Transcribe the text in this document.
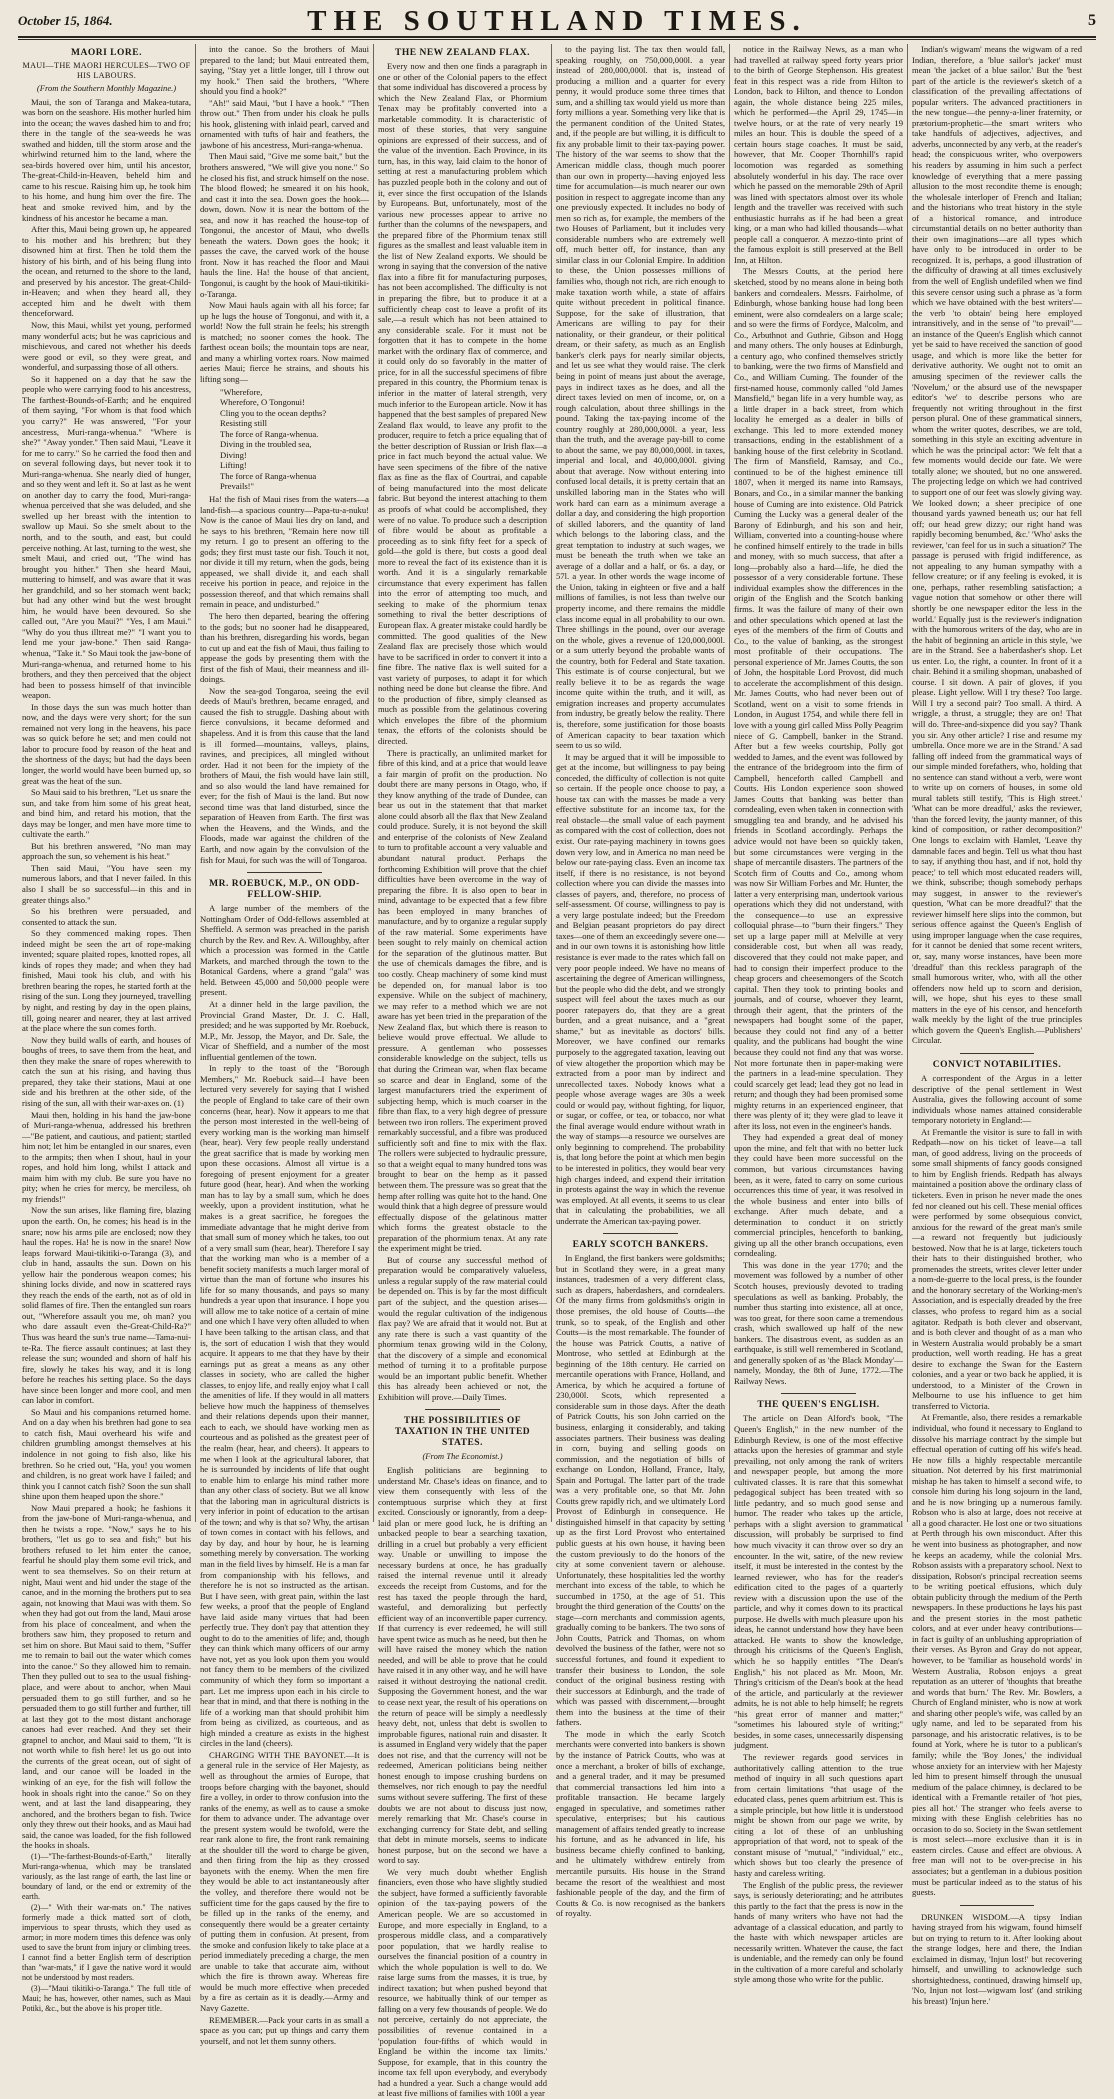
October 15, 1864.	THE SOUTHLAND TIMES.	5
MAORI LORE.
MAUI—THE MAORI HERCULES—TWO OF HIS LABOURS.
(From the Southern Monthly Magazine.)

Maui, the son of Taranga and Makea-tutara, was born on the seashore. His mother hurled him into the ocean; the waves dashed him to and fro; there in the tangle of the sea-weeds he was swathed and hidden, till the storm arose and the whirlwind returned him to the land, where the sea-birds hovered over him, until his ancestor, The-great-Child-in-Heaven, beheld him and came to his rescue. Raising him up, he took him to his home, and hung him over the fire. The heat and smoke revived him, and by the kindness of his ancestor he became a man.

After this, Maui being grown up, he appeared to his mother and his brethren; but they disowned him at first. Then he told them the history of his birth, and of his being flung into the ocean, and returned to the shore to the land, and preserved by his ancestor. The great-Child-in-Heaven; and when they heard all, they accepted him and he dwelt with them thenceforward.

Now, this Maui, whilst yet young, performed many wonderful acts; but he was capricious and mischievous, and cared not whether his deeds were good or evil, so they were great, and wonderful, and surpassing those of all others.

So it happened on a day that he saw the people who were carrying food to his ancestress, The farthest-Bounds-of-Earth; and he enquired of them saying, "For whom is that food which you carry?" He was answered, "For your ancestress, Muri-ranga-whenua." "Where is she?" "Away yonder." Then said Maui, "Leave it for me to carry." So he carried the food then and on several following days, but never took it to Muri-ranga-whenua. She nearly died of hunger, and so they went and left it. So at last as he went on another day to carry the food, Muri-ranga-whenua perceived that she was deluded, and she swelled up her breast with the intention to swallow up Maui. So she smelt about to the north, and to the south, and east, but could perceive nothing. At last, turning to the west, she smelt Maui, and cried out, "The wind has brought you hither." Then she heard Maui, muttering to himself, and was aware that it was her grandchild, and so her stomach went back; but had any other wind but the west brought him, he would have been devoured. So she called out, "Are you Maui?" "Yes, I am Maui." "Why do you thus illtreat me?" "I want you to lend me your jaw-bone." Then said Ranga-whenua, "Take it." So Maui took the jaw-bone of Muri-ranga-whenua, and returned home to his brothers, and they then perceived that the object had been to possess himself of that invincible weapon.

In those days the sun was much hotter than now, and the days were very short; for the sun remained not very long in the heavens, his pace was so quick before he set; and men could not labor to procure food by reason of the heat and the shortness of the days; but had the days been longer, the world would have been burned up, so great was the heat of the sun.

So Maui said to his brethren, "Let us snare the sun, and take from him some of his great heat, and bind him, and retard his motion, that the days may be longer, and men have more time to cultivate the earth."

But his brethren answered, "No man may approach the sun, so vehement is his heat."

Then said Maui, "You have seen my numerous labors, and that I never failed. In this also I shall be so successful—in this and in greater things also."

So his brethren were persuaded, and consented to attack the sun.

So they commenced making ropes. Then indeed might be seen the art of rope-making invented; square plaited ropes, knotted ropes, all kinds of ropes they made; and when they had finished, Maui took his club, and with his brethren bearing the ropes, he started forth at the rising of the sun. Long they journeyed, travelling by night, and resting by day in the open plains, till, going nearer and nearer, they at last arrived at the place where the sun comes forth.

Now they build walls of earth, and houses of boughs of trees, to save them from the heat, and then they make the snare of ropes wherewith to catch the sun at his rising, and having thus prepared, they take their stations, Maui at one side and his brethren at the other side, of the rising of the sun, all with their war-axes on. (1)

Maui then, holding in his hand the jaw-bone of Muri-ranga-whenua, addressed his brethren—"Be patient, and cautious, and patient; startled him not; let him be entangled in our snares, even to the armpits; then when I shout, haul in your ropes, and hold him long, whilst I attack and maim him with my club. Be sure you have no pity; when he cries for mercy, be merciless, oh my friends!"

Now the sun arises, like flaming fire, blazing upon the earth. On, he comes; his head is in the snare; now his arms pile are enclosed; now they haul the ropes. Ha! he is now in the snare! Now leaps forward Maui-tikitiki-o-Taranga (3), and club in hand, assaults the sun. Down on his yellow hair the ponderous weapon comes; his shining locks divide, and now in scattered rays they reach the ends of the earth, not as of old in solid flames of fire. Then the entangled sun roars out, "Wherefore assault you me, oh man? you who dare assault even the-Great-Child-Ra?" Thus was heard the sun's true name—Tama-nui-te-Ra. The fierce assault continues; at last they release the sun; wounded and shorn of half his fire, slowly he takes his way, and it is long before he reaches his setting place. So the days have since been longer and more cool, and men can labor in comfort.

So Maui and his companions returned home. And on a day when his brethren had gone to sea to catch fish, Maui overheard his wife and children grumbling amongst themselves at his indolence in not going to fish also, like his brethren. So he cried out, "Ha, you! you women and children, is no great work have I failed; and think you I cannot catch fish? Soon the sun shall shine upon them heaped upon the shore."

Now Maui prepared a hook; he fashions it from the jaw-bone of Muri-ranga-whenua, and then he twists a rope. "Now," says he to his brothers, "let us go to sea and fish;" but his brothers refused to let him enter the canoe, fearful he should play them some evil trick, and went to sea themselves. So on their return at night, Maui went and hid under the stage of the canoe, and in the morning the brothers put to sea again, not knowing that Maui was with them. So when they had got out from the land, Maui arose from his place of concealment, and when the brothers saw him, they proposed to return and set him on shore. But Maui said to them, "Suffer me to remain to bail out the water which comes into the canoe." So they allowed him to remain. Then they pulled out to sea to the usual fishing-place, and were about to anchor, when Maui persuaded them to go still further, and so he persuaded them to go still further and further, till at last they got to the most distant anchorage canoes had ever reached. And they set their grapnel to anchor, and Maui said to them, "It is not worth while to fish here! let us go out into the currents of the great ocean, out of sight of land, and our canoe will be loaded in the winking of an eye, for the fish will follow the hook in shoals right into the canoe." So on they went, and at last the land disappearing, they anchored, and the brothers began to fish. Twice only they threw out their hooks, and as Maui had said, the canoe was loaded, for the fish followed the hooks in shoals.

(1)—"The-farthest-Bounds-of-Earth," literally Muri-ranga-whenua, which may be translated variously, as the last range of earth, the last line or boundary of land, or the end or extremity of the earth.

(2)—" With their war-mats on." The natives formerly made a thick matted sort of cloth, impervious to spear thrusts, which they used as armor; in more modern times this defence was only used to save the brunt from injury or climbing trees. I cannot find a better English term of description than "war-mats," if I gave the native word it would not be understood by most readers.

(3)—"Maui tikitiki-o-Taranga." The full title of Maui; he has, however, other names, such as Maui Potiki, &c., but the above is his proper title.

into the canoe. So the brothers of Maui prepared to the land; but Maui entreated them, saying, "Stay yet a little longer, till I throw out my hook." Then said the brothers, "Where should you find a hook?"

"Ah!" said Maui, "but I have a hook." "Then throw out." Then from under his cloak he pulls his hook, glistening with inlaid pearl, carved and ornamented with tufts of hair and feathers, the jawbone of his ancestress, Muri-ranga-whenua.

Then Maui said, "Give me some bait," but the brothers answered, "We will give you none." So he closed his fist, and struck himself on the nose. The blood flowed; he smeared it on his hook, and cast it into the sea. Down goes the hook—down, down. Now it is near the bottom of the sea, and now it has reached the house-top of Tongonui, the ancestor of Maui, who dwells beneath the waters. Down goes the hook; it passes the cave, the carved work of the house front. Now it has reached the floor and Maui hauls the line. Ha! the house of that ancient, Tongonui, is caught by the hook of Maui-tikitiki-o-Taranga.

Now Maui hauls again with all his force; far up he lugs the house of Tongonui, and with it, a world! Now the full strain he feels; his strength is matched; no sooner comes the hook. The farthest ocean boils; the mountain tops are near, and many a whirling vortex roars. Now maimed aeries Maui; fierce he strains, and shouts his lifting song—

"Wherefore,
Wherefore, O Tongonui!
Cling you to the ocean depths?
Resisting still
The force of Ranga-whenua.
Diving in the troubled sea,
Diving!
Lifting!
The force of Ranga-whenua
Prevails!"

Ha! the fish of Maui rises from the waters—a land-fish—a spacious country—Papa-tu-a-nuku! Now is the canoe of Maui lies dry on land, and he says to his brethren, "Remain here now till my return. I go to present an offering to the gods; they first must taste our fish. Touch it not, nor divide it till my return, when the gods, being appeased, we shall divide it, and each shall receive his portion in peace, and rejoice in the possession thereof, and that which remains shall remain in peace, and undisturbed."

The hero then departed, bearing the offering to the gods; but no sooner had he disappeared, than his brethren, disregarding his words, began to cut up and eat the fish of Maui, thus failing to appease the gods by presenting them with the first of the fish of Maui, their meanness and ill-doings.

Now the sea-god Tongaroa, seeing the evil deeds of Maui's brethren, became enraged, and caused the fish to struggle. Dashing about with fierce convulsions, it became deformed and shapeless. And it is from this cause that the land is ill formed—mountains, valleys, plains, ravines, and precipices, all mingled without order. Had it not been for the impiety of the brothers of Maui, the fish would have lain still, and so also would the land have remained for ever; for the fish of Maui is the land. But now second time was that land disturbed, since the separation of Heaven from Earth. The first was when the Heavens, and the Winds, and the Floods, made war against the children of the Earth, and now again by the convulsion of the fish for Maui, for such was the will of Tongaroa.

MR. ROEBUCK, M.P., ON ODD-FELLOW-SHIP.

A large number of the members of the Nottingham Order of Odd-fellows assembled at Sheffield. A sermon was preached in the parish church by the Rev. and Rev. A. Willoughby, after which a procession was formed in the Cattle Markets, and marched through the town to the Botanical Gardens, where a grand "gala" was held. Between 45,000 and 50,000 people were present.

At a dinner held in the large pavilion, the Provincial Grand Master, Dr. J. C. Hall, presided; and he was supported by Mr. Roebuck, M.P., Mr. Jessop, the Mayor, and Dr. Sale, the Vicar of Sheffield, and a number of the most influential gentlemen of the town.

In reply to the toast of the "Borough Members," Mr. Roebuck said—I have been lectured very severely for saying that I wished the people of England to take care of their own concerns (hear, hear). Now it appears to me that the person most interested in the well-being of every working man is the working man himself (hear, hear). Very few people really understand the great sacrifice that is made by working men upon these occasions. Almost all virtue is a foregoing of present enjoyment for a greater future good (hear, hear). And when the working man has to lay by a small sum, which he does weekly, upon a provident institution, what he makes is a great sacrifice, he foregoes the immediate advantage that he might derive from that small sum of money which he takes, too out of a very small sum (hear, hear). Therefore I say that the working man who is a member of a benefit society manifests a much larger moral of virtue than the man of fortune who insures his life for so many thousands, and pays so many hundreds a year upon that insurance. I hope you will allow me to take notice of a certain of mine and one which I have very often alluded to when I have been talking to the artisan class, and that is, the sort of education I wish that they would acquire. It appears to me that they have by their earnings put as great a means as any other classes in society, who are called the higher classes, to enjoy life, and really enjoy what I call the amenities of life. If they would in all matters believe how much the happiness of themselves and their relations depends upon their manner, each to each, we should have working men as courteous and as polished as the greatest peer of the realm (hear, hear, and cheers). It appears to me when I look at the agricultural laborer, that he is surrounded by incidents of life that ought to enable him to enlarge his mind rather more than any other class of society. But we all know that the laboring man in agricultural districts is very inferior in point of education to the artisan of the town; and why is that so? Why, the artisan of town comes in contact with his fellows, and day by day, and hour by hour, he is learning something merely by conversation. The working man in the field lives by himself. He is a man far from companionship with his fellows, and therefore he is not so instructed as the artisan. But I have seen, with great pain, within the last few weeks, a proof that the people of England have laid aside many virtues that had been perfectly true. They don't pay that attention they ought to do to the amenities of life; and, though they can think which many officers of our army have not, yet as you look upon them you would not fancy them to be members of the civilized community of which they form so important a part. Let me impress upon each in his circle to hear that in mind, and that there is nothing in the life of a working man that should prohibit him from being as civilized, as courteous, and as high minded a creature as exists in the highest circles in the land (cheers).

CHARGING WITH THE BAYONET.—It is a general rule in the service of Her Majesty, as well as throughout the armies of Europe, that troops before charging with the bayonet, should fire a volley, in order to throw confusion into the ranks of the enemy, as well as to cause a smoke for them to advance under. The advantage over the present system would be twofold, were the rear rank alone to fire, the front rank remaining at the shoulder till the word to charge be given, and then firing from the hip as they crossed bayonets with the enemy. When the men fire they would be able to act instantaneously after the volley, and therefore there would not be sufficient time for the gaps caused by the fire to be filled up in the ranks of the enemy, and consequently there would be a greater certainty of putting them in confusion. At present, from the smoke and confusion likely to take place at a period immediately preceding a charge, the men are unable to take that accurate aim, without which the fire is thrown away. Whereas fire would be much more effective when preceded by a fire as certain as it is deadly.—Army and Navy Gazette.

REMEMBER.—Pack your carts in as small a space as you can; put up things and carry them yourself, and not let them sunny others.

THE NEW ZEALAND FLAX.

Every now and then one finds a paragraph in one or other of the Colonial papers to the effect that some individual has discovered a process by which the New Zealand Flax, or Phormium Tenax may be profitably converted into a marketable commodity. It is characteristic of most of these stories, that very sanguine opinions are expressed of their success, and of the value of the invention. Each Province, in its turn, has, in this way, laid claim to the honor of setting at rest a manufacturing problem which has puzzled people both in the colony and out of it, ever since the first occupation of the Islands by Europeans. But, unfortunately, most of the various new processes appear to arrive no further than the columns of the newspapers, and the prepared fibre of the Phormium tenax still figures as the smallest and least valuable item in the list of New Zealand exports. We should be wrong in saying that the conversion of the native flax into a fibre fit for manufacturing purposes, has not been accomplished. The difficulty is not in preparing the fibre, but to produce it at a sufficiently cheap cost to leave a profit of its sale,—a result which has not been attained to any considerable scale. For it must not be forgotten that it has to compete in the home market with the ordinary flax of commerce, and it could only do so favorably in the matter of price, for in all the successful specimens of fibre prepared in this country, the Phormium tenax is inferior in the matter of lateral strength, very much inferior to the European article. Now it has happened that the best samples of prepared New Zealand flax would, to leave any profit to the producer, require to fetch a price equaling that of the better description of Russian or Irish flax—a price in fact much beyond the actual value. We have seen specimens of the fibre of the native flax as fine as the flax of Courtrai, and capable of being manufactured into the most delicate fabric. But beyond the interest attaching to them as proofs of what could be accomplished, they were of no value. To produce such a description of fibre would be about as profitable a proceeding as to sink fifty feet for a speck of gold—the gold is there, but costs a good deal more to reveal the fact of its existence than it is worth. And it is a singularly remarkable circumstance that every experiment has fallen into the error of attempting too much, and seeking to make of the phormium tenax something to rival the better descriptions of European flax. A greater mistake could hardly be committed. The good qualities of the New Zealand flax are precisely those which would have to be sacrificed in order to convert it into a fine fibre. The native flax is well suited for a vast variety of purposes, to adapt it for which nothing need be done but cleanse the fibre. And to the production of fibre, simply cleansed as much as possible from the gelatinous covering which envelopes the fibre of the phormium tenax, the efforts of the colonists should be directed.

There is practically, an unlimited market for fibre of this kind, and at a price that would leave a fair margin of profit on the production. No doubt there are many persons in Otago, who, if they know anything of the trade of Dundee, can bear us out in the statement that that market alone could absorb all the flax that New Zealand could produce. Surely, it is not beyond the skill and enterprise of the colonists of New Zealand to turn to profitable account a very valuable and abundant natural product. Perhaps the forthcoming Exhibition will prove that the chief difficulties have been overcome in the way of preparing the fibre. It is also open to bear in mind, advantage to be expected that a few fibre has been employed in many branches of manufacture, and by to organize a regular supply of the raw material. Some experiments have been sought to rely mainly on chemical action for the separation of the glutinous matter. But the use of chemicals damages the fibre, and is too costly. Cheap machinery of some kind must be depended on, for manual labor is too expensive. While on the subject of machinery, we may refer to a method which we are not aware has yet been tried in the preparation of the New Zealand flax, but which there is reason to believe would prove effectual. We allude to pressure. A gentleman who possesses considerable knowledge on the subject, tells us that during the Crimean war, when flax became so scarce and dear in England, some of the largest manufacturers tried the experiment of subjecting hemp, which is much coarser in the fibre than flax, to a very high degree of pressure between two iron rollers. The experiment proved remarkably successful, and a fibre was produced sufficiently soft and fine to mix with the flax. The rollers were subjected to hydraulic pressure, so that a weight equal to many hundred tons was brought to bear on the hemp as it passed between them. The pressure was so great that the hemp after rolling was quite hot to the hand. One would think that a high degree of pressure would effectually dispose of the gelatinous matter which forms the greatest obstacle to the preparation of the phormium tenax. At any rate the experiment might be tried.

But of course any successful method of preparation would be comparatively valueless, unless a regular supply of the raw material could be depended on. This is by far the most difficult part of the subject, and the question arises—would the regular cultivation of the indigenous flax pay? We are afraid that it would not. But at any rate there is such a vast quantity of the phormium tenax growing wild in the Colony, that the discovery of a simple and economical method of turning it to a profitable purpose would be an important public benefit. Whether this has already been achieved or not, the Exhibition will prove.—Daily Times.

THE POSSIBILITIES OF TAXATION IN THE UNITED STATES.
(From The Economist.)

English politicians are beginning to understand Mr. Chase's ideas on finance, and to view them consequently with less of the contemptuous surprise which they at first excited. Consciously or ignorantly, from a deep-laid plan or mere good luck, he is drifting an unbacked people to bear a searching taxation, drilling in a cruel but probably a very efficient way. Unable or unwilling to impose the necessary burdens at once, he has gradually raised the internal revenue until it already exceeds the receipt from Customs, and for the rest has taxed the people through the hard, wasteful, and demoralizing but perfectly efficient way of an inconvertible paper currency. If that currency is ever redeemed, he will still have spent twice as much as he need, but then he will have raised the money which the nation needed, and will be able to prove that he could have raised it in any other way, and he will have raised it without destroying the national credit. Supposing the Government honest, and the war to cease next year, the result of his operations on the return of peace will be simply a needlessly heavy debt, not, unless that debt is swollen to improbable figures, national ruin and disaster. It is assumed in England very widely that the paper does not rise, and that the currency will not be redeemed, American politicians being neither honest enough to impose crushing burdens on themselves, nor rich enough to pay the needful sums without severe suffering. The first of these doubts we are not about to discuss just now, merely remarking that Mr. Chase's course in exchanging currency for State debt, and selling that debt in minute morsels, seems to indicate honest purpose, but on the second we have a word to say.

We very much doubt whether English financiers, even those who have slightly studied the subject, have formed a sufficiently favorable opinion of the tax-paying powers of the American people. We are so accustomed in Europe, and more especially in England, to a prosperous middle class, and a comparatively poor population, that we hardly realise to ourselves the financial position of a country in which the whole population is well to do. We raise large sums from the masses, it is true, by indirect taxation; but when pushed beyond that resource, we habitually think of our temper as falling on a very few thousands of people. We do not perceive, certainly do not appreciate, the possibilities of revenue contained in a 'population four-fifths of which would in England be within the income tax limits.' Suppose, for example, that in this country the income tax fell upon everybody, and everybody had a hundred a year. Such a change would add at least five millions of families with 100l a year

to the paying list. The tax then would fall, speaking roughly, on 750,000,000l. a year instead of 280,000,000l. that is, instead of producing a million and a quarter for every penny, it would produce some three times that sum, and a shilling tax would yield us more than forty millions a year. Something very like that is the permanent condition of the United States, and, if the people are but willing, it is difficult to fix any probable limit to their tax-paying power. The history of the war seems to show that the American middle class, though much poorer than our own in property—having enjoyed less time for accumulation—is much nearer our own position in respect to aggregate income than any one previously expected. It includes no body of men so rich as, for example, the members of the two Houses of Parliament, but it includes very considerable numbers who are extremely well off, much better off, for instance, than any similar class in our Colonial Empire. In addition to these, the Union possesses millions of families who, though not rich, are rich enough to make taxation worth while, a state of affairs quite without precedent in political finance. Suppose, for the sake of illustration, that Americans are willing to pay for their nationality, or their grandeur, or their political dream, or their safety, as much as an English banker's clerk pays for nearly similar objects, and let us see what they would raise. The clerk being in point of means just about the average, pays in indirect taxes as he does, and all the direct taxes levied on men of income, or, on a rough calculation, about three shillings in the pound. Taking the tax-paying income of the country roughly at 280,000,000l. a year, less than the truth, and the average pay-bill to come to about the same, we pay 80,000,000l. in taxes, imperial and local, and 40,000,000l. giving about that average. Now without entering into confused local details, it is pretty certain that an unskilled laboring man in the States who will work hard can earn as a minimum average a dollar a day, and considering the high proportion of skilled laborers, and the quantity of land which belongs to the laboring class, and the great temptation to industry at such wages, we must be beneath the truth when we take an average of a dollar and a half, or 6s. a day, or 57l. a year. In other words the wage income of the Union, taking in eighteen or five and a half millions of families, is not less than twelve our property income, and there remains the middle class income equal in all probability to our own. Three shillings in the pound, over our average on the whole, gives a revenue of 120,000,000l. or a sum utterly beyond the probable wants of the country, both for Federal and State taxation. This estimate is of course conjectural, but we really believe it to be as regards the wage income quite within the truth, and it will, as emigration increases and property accumulates from industry, be greatly below the reality. There is, therefore, some justification for those boasts of American capacity to bear taxation which seem to us so wild.

It may be argued that it will be impossible to get at the income, but willingness to pay being conceded, the difficulty of collection is not quite so certain. If the people once choose to pay, a house tax can with the masses be made a very effective substitute for an income tax, for the real obstacle—the small value of each payment as compared with the cost of collection, does not exist. Our rate-paying machinery in towns goes down very low, and in America no man need be below our rate-paying class. Even an income tax itself, if there is no resistance, is not beyond collection where you can divide the masses into classes of payers, and, therefore, no process of self-assessment. Of course, willingness to pay is a very large postulate indeed; but the Freedom and Belgian peasant proprietors do pay direct taxes—one of them an exceedingly severe one—and in our own towns it is astonishing how little resistance is ever made to the rates which fall on very poor people indeed. We have no means of ascertaining the degree of American willingness, but the people who did the debt, and we strongly suspect will feel about the taxes much as our poorer ratepayers do, that they are a great burden, and a great nuisance, and a "great shame," but as inevitable as doctors' bills. Moreover, we have confined our remarks purposely to the aggregated taxation, leaving out of view altogether the proportion which may be extracted from a poor man by indirect and unrecollected taxes. Nobody knows what a people whose average wages are 30s a week could or would pay, without fighting, for liquor, or sugar, or coffee, or tea, or tobacco, nor what the final average would endure without wrath in the way of stamps—a resource we ourselves are only beginning to comprehend. The probability is, that long before the point at which men begin to be interested in politics, they would bear very high charges indeed, and expend their irritation in protests against the way in which the revenue was employed. At all events, it seems to us clear that in calculating the probabilities, we all underrate the American tax-paying power.

EARLY SCOTCH BANKERS.

In England, the first bankers were goldsmiths; but in Scotland they were, in a great many instances, tradesmen of a very different class, such as drapers, haberdashers, and corndealers. Of the many firms from goldsmiths's origin in those premises, the old house of Coutts—the trunk, so to speak, of the English and other Coutts—is the most remarkable. The founder of the house was Patrick Coutts, a native of Montrose, who settled at Edinburgh at the beginning of the 18th century. He carried on mercantile operations with France, Holland, and America, by which he acquired a fortune of 230,000l. Scots, which represented a considerable sum in those days. After the death of Patrick Coutts, his son John carried on the business, enlarging it considerably, and taking associates partners. Their business was dealing in corn, buying and selling goods on commission, and the negotiation of bills of exchange on London, Holland, France, Italy, Spain and Portugal. The latter part of the trade was a very profitable one, so that Mr. John Coutts grew rapidly rich, and we ultimately Lord Provost of Edinburgh in consequence. He distinguished himself in that capacity by setting up as the first Lord Provost who entertained public guests at his own house, it having been the custom previously to do the honors of the city at some convenient tavern or alehouse. Unfortunately, these hospitalities led the worthy merchant into excess of the table, to which he succumbed in 1750, at the age of 51. This brought the third generation of the Coutts' on the stage—corn merchants and commission agents, gradually coming to be bankers. The two sons of John Coutts, Patrick and Thomas, on whom devolved the business of the father, were not so successful fortunes, and found it expedient to transfer their business to London, the sole conduct of the original business resting with their successors at Edinburgh, and the trade of which was passed with discernment,—brought them into the business at the time of their fathers.

The mode in which the early Scotch merchants were converted into bankers is shown by the instance of Patrick Coutts, who was at once a merchant, a broker of bills of exchange, and a general trader, and it may be presumed that commercial transactions led him into a profitable transaction. He became largely engaged in speculative, and sometimes rather speculative, enterprises; but his cautious management of affairs tended greatly to increase his fortune, and as he advanced in life, his business became chiefly confined to banking, and he ultimately withdrew entirely from mercantile pursuits. His house in the Strand became the resort of the wealthiest and most fashionable people of the day, and the firm of Coutts & Co. is now recognised as the bankers of royalty.

notice in the Railway News, as a man who had travelled at railway speed forty years prior to the birth of George Stephenson. His greatest feat in this respect was a ride from Hilton to London, back to Hilton, and thence to London again, the whole distance being 225 miles, which he performed—the April 29, 1745—in twelve hours, or at the rate of very nearly 19 miles an hour. This is double the speed of a certain hours stage coaches. It must be said, however, that Mr. Cooper Thornhill's rapid locomotion was regarded as something absolutely wonderful in his day. The race over which he passed on the memorable 29th of April was lined with spectators almost over its whole length and the traveller was received with such enthusiastic hurrahs as if he had been a great king, or a man who had killed thousands—what people call a conqueror. A mezzo-tinto print of the famous exploit is still preserved at the Bell Inn, at Hilton.

The Messrs Coutts, at the period here sketched, stood by no means alone in being both bankers and corndealers. Messrs. Fairholme, of Edinburgh, whose banking house had long been eminent, were also corndealers on a large scale; and so were the firms of Fordyce, Malcolm, and Co., Arbuthnot and Guthrie, Gibson and Hogg and many others. The only houses at Edinburgh, a century ago, who confined themselves strictly to banking, were the two firms of Mansfield and Co., and William Cuming. The founder of the first-named house, commonly called "old James Mansfield," began life in a very humble way, as a little draper in a back street, from which locality he emerged as a dealer in bills of exchange. This led to more extended money transactions, ending in the establishment of a banking house of the first celebrity in Scotland. The firm of Mansfield, Ramsay, and Co., continued to be of the highest eminence till 1807, when it merged its name into Ramsays, Bonars, and Co., in a similar manner the banking house of Cuming are into existence. Old Patrick Cuming the Lucky was a general dealer of the Barony of Edinburgh, and his son and heir, William, converted into a counting-house where he confined himself entirely to the trade in bills and money, with so much success, that after a long—probably also a hard—life, he died the possessor of a very considerable fortune. These individual examples show the differences in the origin of the English and the Scotch banking firms. It was the failure of many of their own and other speculations which opened at last the eyes of the members of the firm of Coutts and Co., to the value of banking, as the strongest most profitable of their occupations. The personal experience of Mr. James Coutts, the son of John, the hospitable Lord Provost, did much to accelerate the accomplishment of this design. Mr. James Coutts, who had never been out of Scotland, went on a visit to some friends in London, in August 1754, and while there fell in love with a young girl called Miss Polly Peagrim niece of G. Campbell, banker in the Strand. After but a few weeks courtship, Polly got wedded to James, and the event was followed by the entrance of the bridegroom into the firm of Campbell, henceforth called Campbell and Coutts. His London experience soon showed James Coutts that banking was better than corndealing, even when taken in connection with smuggling tea and brandy, and he advised his friends in Scotland accordingly. Perhaps the advice would not have been so quickly taken, but some circumstances were verging in the shape of mercantile disasters. The partners of the Scotch firm of Coutts and Co., among whom was now Sir William Forbes and Mr. Hunter, the latter a very enterprising man, undertook various operations which they did not understand, with the consequence—to use an expressive colloquial phrase—to "burn their fingers." They set up a large paper mill at Melville at very considerable cost, but when all was ready, discovered that they could not make paper, and had to consign their imperfect produce to the cheap grocers and cheesemongers of the Scotch capital. Then they took to printing books and journals, and of course, whoever they learnt, through their agent, that the printers of the newspapers had bought some of the paper, because they could not find any of a better quality, and the publicans had bought the wine because they could not find any that was worse. Not more fortunate then in paper-making were the partners in a lead-mine speculation. They could scarcely get lead; lead they got no lead in return; and though they had been promised some mighty returns in an experienced engineer, that there was plenty of it; they were glad to leave it after its loss, not even in the engineer's hands.

They had expended a great deal of money upon the mine, and felt that with no better luck they could have been more successful on the common, but various circumstances having been, as it were, fated to carry on some curious occurrences this time of year, it was resolved in the whole business and enter into bills of exchange. After much debate, and a determination to conduct it on strictly commercial principles, henceforth to banking, giving up all the other branch occupations, even corndealing.

This was done in the year 1770; and the movement was followed by a number of other Scotch houses, previously devoted to trading speculations as well as banking. Probably, the number thus starting into existence, all at once, was too great, for there soon came a tremendous crash, which swallowed up half of the new bankers. The disastrous event, as sudden as an earthquake, is still well remembered in Scotland, and generally spoken of as 'the Black Monday'—namely, Monday, the 8th of June, 1772.—The Railway News.

THE QUEEN'S ENGLISH.

The article on Dean Alford's book, "The Queen's English," in the new number of the Edinburgh Review, is one of the most effective attacks upon the heresies of grammar and style prevailing, not only among the rank of writers and newspaper people, but among the more cultivated classes. It is rare that this somewhat pedagogical subject has been treated with so little pedantry, and so much good sense and humor. The reader who takes up the article, perhaps with a slight aversion to grammatical discussion, will probably be surprised to find how much vivacity it can throw over so dry an encounter. In the wit, satire, of the new review itself, it must be interested in the contest by the learned reviewer, who has for the reader's edification cited to the pages of a quarterly review with a discussion upon the use of the particle, and why it comes down to its practical purpose. He dwells with much pleasure upon his ideas, he cannot understand how they have been attacked. He wants to show the knowledge, through his criticisms of the Queen's English, which he so happily entitles "The Dean's English," his not placed as Mr. Moon, Mr. Thring's criticism of the Dean's book at the head of the article, and particularly at the reviewer admits, he is not able to help himself; he regrets "his great error of manner and matter;" "sometimes his laboured style of writing;" besides, in some cases, unnecessarily dispensing judgment.

The reviewer regards good services in authoritatively calling attention to the true method of inquiry in all such questions apart from certain limitations "that usage of the educated class, penes quem arbitrium est. This is a simple principle, but how little it is understood might be shown from our page we write, by citing a lot of these of an unblushing appropriation of that word, not to speak of the constant misuse of "mutual," "individual," etc., which shows but too clearly the presence of hasty and careless writing.

The English of the public press, the reviewer says, is seriously deteriorating; and he attributes this partly to the fact that the press is now in the hands of many writers who have not had the advantage of a classical education, and partly to the haste with which newspaper articles are necessarily written. Whatever the cause, the fact is undeniable, and the remedy can only be found in the cultivation of a more careful and scholarly style among those who write for the public.

Indian's wigwam' means the wigwam of a red Indian, therefore, a 'blue sailor's jacket' must mean 'the jacket of a blue sailor.' But the 'best part of the article is the reviewer's sketch of a classification of the prevailing affectations of popular writers. The advanced practitioners in the new tongue—the penny-a-liner fraternity, or prætorium-prophetic—the smart writers who take handfuls of adjectives, adjectives, and adverbs, unconnected by any verb, at the reader's head; the conspicuous writer, who overpowers his readers by assuming in him such a perfect knowledge of everything that a mere passing allusion to the most recondite theme is enough; the wholesale interloper of French and Italian; and the historians who treat history in the style of a historical romance, and introduce circumstantial details on no better authority than their own imaginations—are all types which have only to be introduced in order to be recognized. It is, perhaps, a good illustration of the difficulty of drawing at all times exclusively from the well of English undefiled when we find this severe censor using such a phrase as 'a form which we have obtained with the best writers'—the verb 'to obtain' being here employed intransitively, and in the sense of "to prevail"—an instance of the Queen's English which cannot yet be said to have received the sanction of good usage, and which is more like the better for derivative authority. We ought not to omit an amusing specimen of the reviewer calls the 'Novelum,' or the absurd use of the newspaper editor's 'we' to describe persons who are frequently not writing throughout in the first person plural. One of these grammatical sinners, whom the writer quotes, describes, we are told, something in this style an exciting adventure in which he was the principal actor: 'We felt that a few moments would decide our fate. We were totally alone; we shouted, but no one answered. The projecting ledge on which we had contrived to support one of our feet was slowly giving way. We looked down; a sheer precipice of one thousand yards yawned beneath us; our hat fell off; our head grew dizzy; our right hand was rapidly becoming benumbed, &c.' 'Who' asks the reviewer, 'can feel for us in such a situation?' The passage is perused with frigid indifference, as not appealing to any human sympathy with a fellow creature; or if any feeling is evoked, it is one, perhaps, rather resembling satisfaction; a vague notion that somehow or other there will shortly be one newspaper editor the less in the world.' Equally just is the reviewer's indignation with the humorous writers of the day, who are in the habit of beginning an article in this style, 'we are in the Strand. See a haberdasher's shop. Let us enter. Lo, the right, a counter. In front of it a chair. Behind it a smiling shopman, unabashed of course. I sit down. A pair of gloves, if you please. Light yellow. Will I try these? Too large. Will I try a second pair? Too small. A third. A wriggle, a thrust, a struggle; they are on! That will do. Three-and-sixpence did you say? Thank you sir. Any other article? I rise and resume my umbrella. Once more we are in the Strand.' A sad falling off indeed from the grammatical ways of our simple minded forefathers, who, holding that no sentence can stand without a verb, were wont to write up on corners of houses, in some old mural tablets still testify, 'This is High street.' 'What can be more dreadful,' asks the reviewer, 'than the forced levity, the jaunty manner, of this kind of composition, or rather decomposition?' One longs to exclaim with Hamlet, 'Leave thy damnable faces and begin. Tell us what thou hast to say, if anything thou hast, and if not, hold thy peace;' to tell which most educated readers will, we think, subscribe; though somebody perhaps may suggest, in answer to the reviewer's question, 'What can be more dreadful?' that the reviewer himself here slips into the common, but serious offence against the Queen's English of using improper language when the case requires, for it cannot be denied that some recent writers, or, say, many worse instances, have been more 'dreadful' than this reckless paragraph of the small humorous writer, who, with all the other offenders now held up to scorn and derision, will, we hope, shut his eyes to these small matters in the eye of his censor, and henceforth walk meekly by the light of the true principles which govern the Queen's English.—Publishers' Circular.

CONVICT NOTABILITIES.

A correspondent of the Argus in a letter descriptive of the penal settlement in West Australia, gives the following account of some individuals whose names attained considerable temporary notoriety in England:—

At Fremantle the visitor is sure to fall in with Redpath—now on his ticket of leave—a tall man, of good address, living on the proceeds of some small shipments of fancy goods consigned to him by English friends. Redpath has always maintained a position above the ordinary class of ticketers. Even in prison he never made the ones fed nor cleaned out his cell. These menial offices were performed by some obsequious convict, anxious for the reward of the great man's smile—a reward not frequently but judiciously bestowed. Now that he is at large, ticketers touch their hats to their distinguished brother, who promenades the streets, writes clever letter under a nom-de-guerre to the local press, is the founder and the honorary secretary of the Working-men's Association, and is especially dreaded by the free classes, who profess to regard him as a social agitator. Redpath is both clever and observant, and is both clever and thought of as a man who in Western Australia would probably be a smart production, well worth reading. He has a great desire to exchange the Swan for the Eastern colonies, and a year or two back he applied, it is understood, to a Minister of the Crown in Melbourne to use his influence to get him transferred to Victoria.

At Fremantle, also, there resides a remarkable individual, who found it necessary to England to dissolve his marriage contract by the simple but effectual operation of cutting off his wife's head. He now fills a highly respectable mercantile situation. Not deterred by his first matrimonial mishap he has taken to himself a second wife, to console him during his long sojourn in the land, and he is now bringing up a numerous family. Robson who is also at large, does not receive at all a good character. He lost one or two situations at Perth through his own misconduct. After this he went into business as photographer, and now he keeps an academy, while the colonial Mrs. Robson assists with a preparatory school. Next to dissipation, Robson's principal recreation seems to be writing poetical effusions, which duly obtain publicity through the medium of the Perth newspapers. In these productions he lays his past and the present stories in the most pathetic colors, and at ever under heavy contributions—in fact is guilty of an unblushing appropriation of their verses. As Byron and Gray do not appear, however, to be 'familiar as household words' in Western Australia, Robson enjoys a great reputation as an utterer of 'thoughts that breathe and words that burn.' The Rev. Mr. Bowlers, a Church of England minister, who is now at work and sharing other people's wife, was called by an ugly name, and led to be separated from his parsonage, and his aristocratic relatives, is to be found at York, where he is tutor to a publican's family; while the 'Boy Jones,' the individual whose anxiety for an interview with her Majesty led him to present himself through the unusual medium of the palace chimney, is declared to be identical with a Fremantle retailer of 'hot pies, pies all hot.' The stranger who feels averse to mixing with these English celebrities has no occasion to do so. Society in the Swan settlement is most select—more exclusive than it is in eastern circles. Cause and effect are obvious. A free man will not to be over-precise in his associates; but a gentleman in a dubious position must be particular indeed as to the status of his guests.

DRUNKEN WISDOM.—A tipsy Indian having strayed from his wigwam, found himself but on trying to return to it. After looking about the strange lodges, here and there, the Indian exclaimed in dismay, 'Injun lost!' but recovering himself, and unwilling to acknowledge such shortsightedness, continued, drawing himself up, 'No, Injun not lost—wigwam lost' (and striking his breast) 'Injun here.'
